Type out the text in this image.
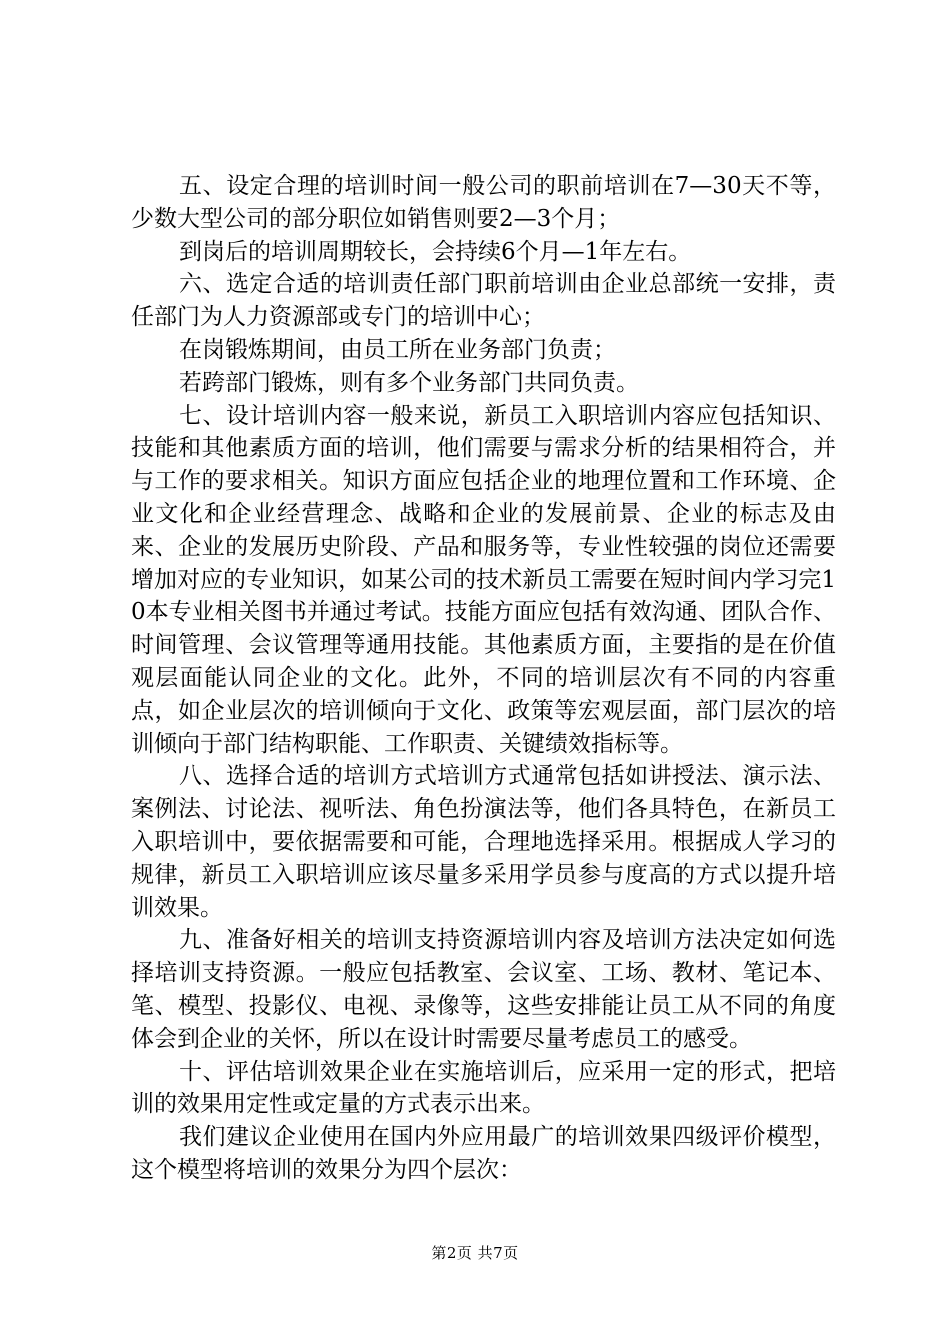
五、设定合理的培训时间一般公司的职前培训在7—30天不等，少数大型公司的部分职位如销售则要2—3个月；

到岗后的培训周期较长，会持续6个月—1年左右。

六、选定合适的培训责任部门职前培训由企业总部统一安排，责任部门为人力资源部或专门的培训中心；

在岗锻炼期间，由员工所在业务部门负责；

若跨部门锻炼，则有多个业务部门共同负责。

七、设计培训内容一般来说，新员工入职培训内容应包括知识、技能和其他素质方面的培训，他们需要与需求分析的结果相符合，并与工作的要求相关。知识方面应包括企业的地理位置和工作环境、企业文化和企业经营理念、战略和企业的发展前景、企业的标志及由来、企业的发展历史阶段、产品和服务等，专业性较强的岗位还需要增加对应的专业知识，如某公司的技术新员工需要在短时间内学习完10本专业相关图书并通过考试。技能方面应包括有效沟通、团队合作、时间管理、会议管理等通用技能。其他素质方面，主要指的是在价值观层面能认同企业的文化。此外，不同的培训层次有不同的内容重点，如企业层次的培训倾向于文化、政策等宏观层面，部门层次的培训倾向于部门结构职能、工作职责、关键绩效指标等。

八、选择合适的培训方式培训方式通常包括如讲授法、演示法、案例法、讨论法、视听法、角色扮演法等，他们各具特色，在新员工入职培训中，要依据需要和可能，合理地选择采用。根据成人学习的规律，新员工入职培训应该尽量多采用学员参与度高的方式以提升培训效果。

九、准备好相关的培训支持资源培训内容及培训方法决定如何选择培训支持资源。一般应包括教室、会议室、工场、教材、笔记本、笔、模型、投影仪、电视、录像等，这些安排能让员工从不同的角度体会到企业的关怀，所以在设计时需要尽量考虑员工的感受。

十、评估培训效果企业在实施培训后，应采用一定的形式，把培训的效果用定性或定量的方式表示出来。

我们建议企业使用在国内外应用最广的培训效果四级评价模型，这个模型将培训的效果分为四个层次：

第2页 共7页
